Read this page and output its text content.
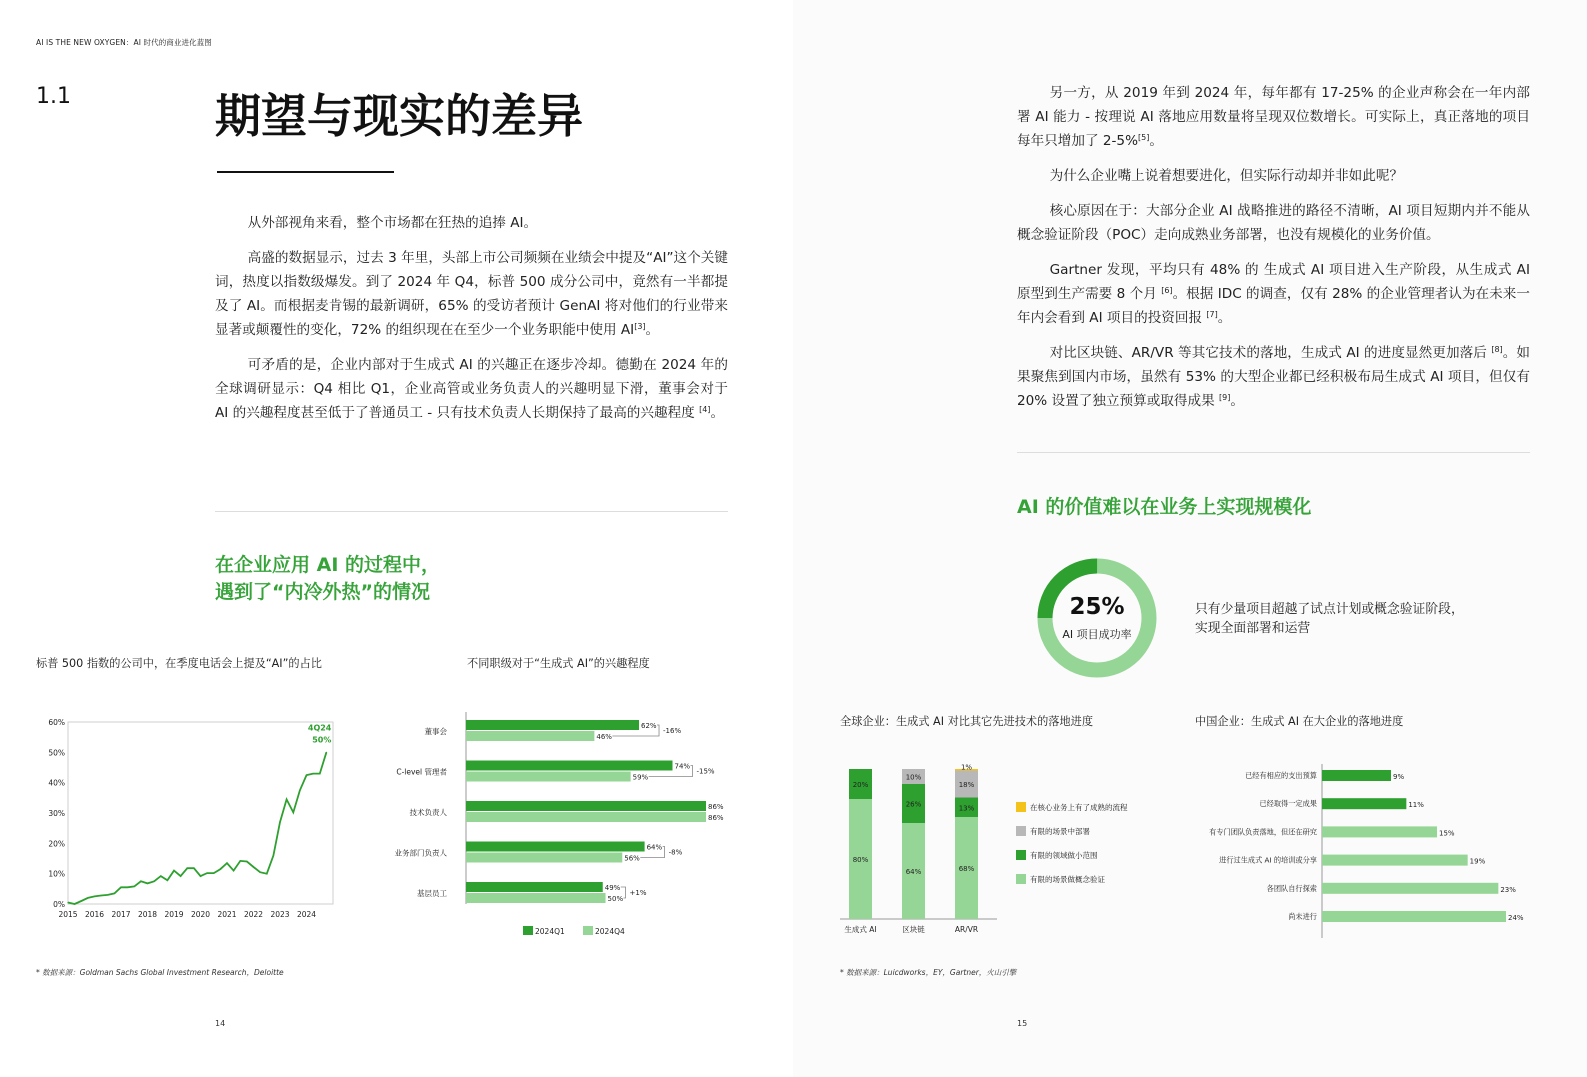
AI IS THE NEW OXYGEN：AI 时代的商业进化蓝图
1.1	期望与现实的差异

从外部视角来看，整个市场都在狂热的追捧 AI。

高盛的数据显示，过去 3 年里，头部上市公司频频在业绩会中提及“AI”这个关键词，热度以指数级爆发。到了 2024 年 Q4，标普 500 成分公司中，竟然有一半都提及了 AI。而根据麦肯锡的最新调研，65% 的受访者预计 GenAI 将对他们的行业带来显著或颠覆性的变化，72% 的组织现在在至少一个业务职能中使用 AI[3]。

可矛盾的是，企业内部对于生成式 AI 的兴趣正在逐步冷却。德勤在 2024 年的全球调研显示：Q4 相比 Q1，企业高管或业务负责人的兴趣明显下滑，董事会对于 AI 的兴趣程度甚至低于了普通员工 - 只有技术负责人长期保持了最高的兴趣程度 [4]。

在企业应用 AI 的过程中，
遇到了“内冷外热”的情况
标普 500 指数的公司中，在季度电话会上提及“AI”的占比	不同职级对于“生成式 AI”的兴趣程度
0%
10%
20%
30%
40%
50%
60%
2015 2016 2017 2018 2019 2020 2021 2022 2023 2024
4Q24
50%
董事会
62%
46%
-16%
C-level 管理者
74%
59%
-15%
技术负责人
86%
86%
业务部门负责人
64%
56%
-8%
基层员工
49%
50%
+1%
2024Q1	2024Q4
* 数据来源：Goldman Sachs Global Investment Research，Deloitte
14

另一方，从 2019 年到 2024 年，每年都有 17-25% 的企业声称会在一年内部署 AI 能力 - 按理说 AI 落地应用数量将呈现双位数增长。可实际上，真正落地的项目每年只增加了 2-5%[5]。

为什么企业嘴上说着想要进化，但实际行动却并非如此呢？

核心原因在于：大部分企业 AI 战略推进的路径不清晰，AI 项目短期内并不能从概念验证阶段（POC）走向成熟业务部署，也没有规模化的业务价值。

Gartner 发现，平均只有 48% 的 生成式 AI 项目进入生产阶段，从生成式 AI 原型到生产需要 8 个月 [6]。根据 IDC 的调查，仅有 28% 的企业管理者认为在未来一年内会看到 AI 项目的投资回报 [7]。

对比区块链、AR/VR 等其它技术的落地，生成式 AI 的进度显然更加落后 [8]。如果聚焦到国内市场，虽然有 53% 的大型企业都已经积极布局生成式 AI 项目，但仅有 20% 设置了独立预算或取得成果 [9]。

AI 的价值难以在业务上实现规模化
25%
AI 项目成功率
只有少量项目超越了试点计划或概念验证阶段，
实现全面部署和运营
全球企业：生成式 AI 对比其它先进技术的落地进度	中国企业：生成式 AI 在大企业的落地进度
80%
20%
生成式 AI
64%
26%
10%
区块链
68%
13%
18%
1%
AR/VR
在核心业务上有了成熟的流程
有限的场景中部署
有限的领域做小范围
有限的场景做概念验证
已经有相应的支出预算	9%
已经取得一定成果	11%
有专门团队负责落地，但还在研究	15%
进行过生成式 AI 的培训或分享	19%
各团队自行探索	23%
尚未进行	24%
* 数据来源：Luicdworks，EY，Gartner，火山引擎
15
